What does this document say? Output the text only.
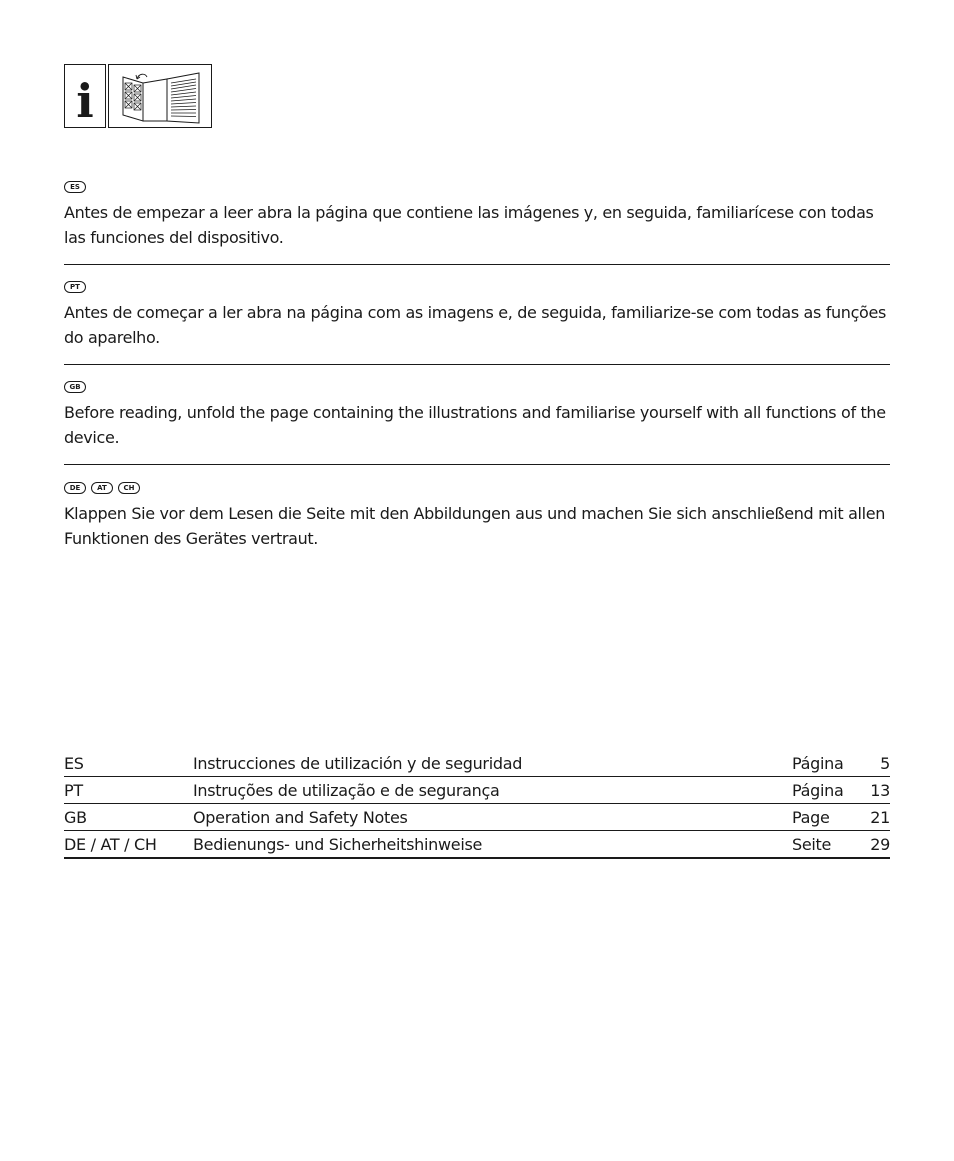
i
ES

Antes de empezar a leer abra la página que contiene las imágenes y, en seguida, familiarícese con todas las funciones del dispositivo.

PT

Antes de começar a ler abra na página com as imagens e, de seguida, familiarize-se com todas as funções do aparelho.

GB

Before reading, unfold the page containing the illustrations and familiarise yourself with all functions of the device.

DE	AT	CH

Klappen Sie vor dem Lesen die Seite mit den Abbildungen aus und machen Sie sich anschließend mit allen Funktionen des Gerätes vertraut.

ES	Instrucciones de utilización y de seguridad	Página	5
PT	Instruções de utilização e de segurança	Página	13
GB	Operation and Safety Notes	Page	21
DE / AT / CH	Bedienungs- und Sicherheitshinweise	Seite	29
